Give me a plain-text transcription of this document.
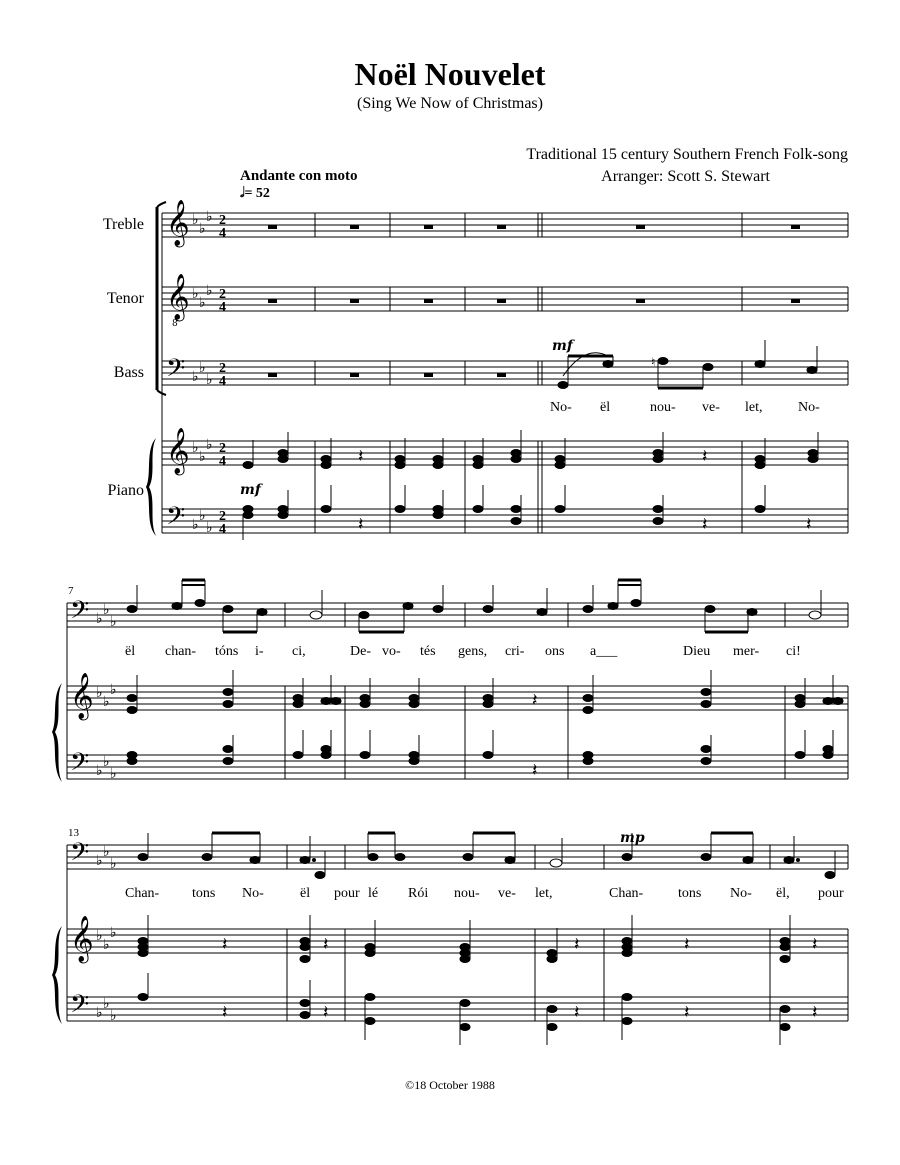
Noël Nouvelet
(Sing We Now of Christmas)
Traditional 15 century Southern French Folk-song
Arranger: Scott S. Stewart
Andante con moto
𝅗𝅥= 52
Treble
Tenor
Bass
Piano
©18 October 1988
𝄞
𝄞
8
𝄢
𝄞
𝄢
♭
♭
♭
♭
♭
♭
♭
♭
♭
♭
♭
♭
♭
♭
♭
2
4
2
4
2
4
2
4
2
4
♮
𝄽	𝄽
𝄽	𝄽	𝄽
mf
mf
No- ël	nou- ve- let,	No-
7
𝄢
𝄞
𝄢
♭
♭
♭
♭
♭
♭
♭
♭
♭
𝄽
𝄽
ël chan- tóns i- ci,	De- vo- tés gens, cri- ons a___	Dieu mer- ci!
13
𝄢
𝄞
𝄢
♭
♭
♭
♭
♭
♭
♭
♭
♭
𝄽	𝄽	𝄽	𝄽	𝄽
𝄽	𝄽	𝄽	𝄽	𝄽
mp
Chan- tons No-	ël pour lé Rói nou- ve- let,	Chan- tons No- ël, pour
